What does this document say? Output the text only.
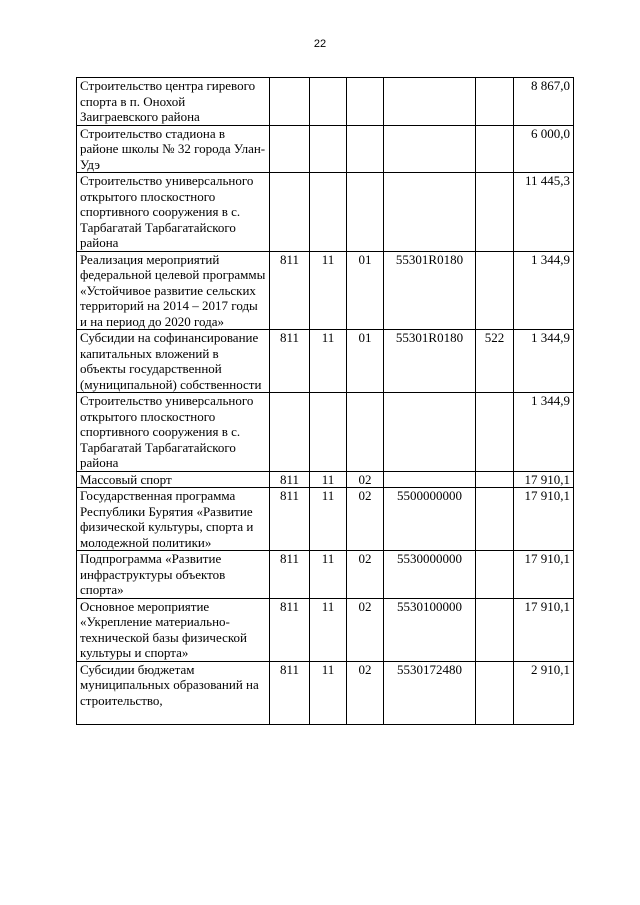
22
Строительство центра гиревого спорта в п. Онохой Заиграевского района						8 867,0
Строительство стадиона в районе школы № 32 города Улан-Удэ						6 000,0
Строительство универсального открытого плоскостного спортивного сооружения в с. Тарбагатай Тарбагатайского района						11 445,3
Реализация мероприятий федеральной целевой программы «Устойчивое развитие сельских территорий на 2014 – 2017 годы и на период до 2020 года»	811	11	01	55301R0180		1 344,9
Субсидии на софинансирование капитальных вложений в объекты государственной (муниципальной) собственности	811	11	01	55301R0180	522	1 344,9
Строительство универсального открытого плоскостного спортивного сооружения в с. Тарбагатай Тарбагатайского района						1 344,9
Массовый спорт	811	11	02			17 910,1
Государственная программа Республики Бурятия «Развитие физической культуры, спорта и молодежной политики»	811	11	02	5500000000		17 910,1
Подпрограмма «Развитие инфраструктуры объектов спорта»	811	11	02	5530000000		17 910,1
Основное мероприятие «Укрепление материально-технической базы физической культуры и спорта»	811	11	02	5530100000		17 910,1
Субсидии бюджетам муниципальных образований на строительство,	811	11	02	5530172480		2 910,1
